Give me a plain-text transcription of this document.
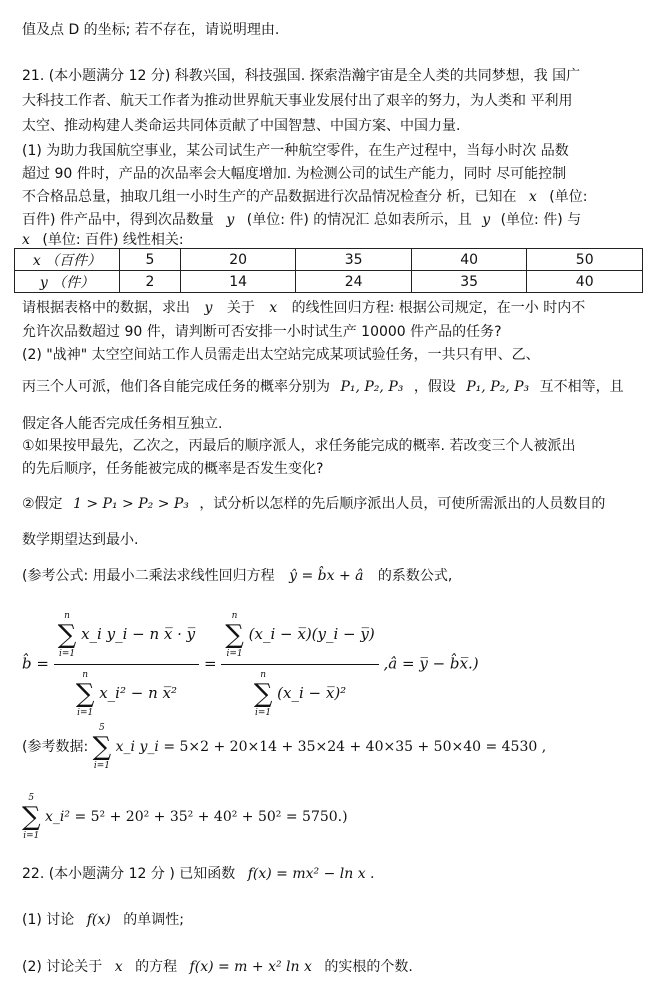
值及点 D 的坐标; 若不存在，请说明理由.
21. (本小题满分 12 分) 科教兴国，科技强国. 探索浩瀚宇宙是全人类的共同梦想，我 国广
大科技工作者、航天工作者为推动世界航天事业发展付出了艰辛的努力，为人类和 平利用
太空、推动构建人类命运共同体贡献了中国智慧、中国方案、中国力量.
(1) 为助力我国航空事业，某公司试生产一种航空零件，在生产过程中，当每小时次 品数
超过 90 件时，产品的次品率会大幅度增加. 为检测公司的试生产能力，同时 尽可能控制
不合格品总量，抽取几组一小时生产的产品数据进行次品情况检查分 析，已知在 x (单位:
百件) 件产品中，得到次品数量 y (单位: 件) 的情况汇 总如表所示，且 y (单位: 件) 与
x (单位: 百件) 线性相关:
x （百件）	5	20	35	40	50
y （件）	2	14	24	35	40
请根据表格中的数据，求出 y 关于 x 的线性回归方程: 根据公司规定，在一小 时内不
允许次品数超过 90 件，请判断可否安排一小时试生产 10000 件产品的任务?
(2) "战神" 太空空间站工作人员需走出太空站完成某项试验任务，一共只有甲、乙、
丙三个人可派，他们各自能完成任务的概率分别为 P₁, P₂, P₃ ，假设 P₁, P₂, P₃ 互不相等，且
假定各人能否完成任务相互独立.
①如果按甲最先，乙次之，丙最后的顺序派人，求任务能完成的概率. 若改变三个人被派出
的先后顺序，任务能被完成的概率是否发生变化?
②假定 1 > P₁ > P₂ > P₃ ，试分析以怎样的先后顺序派出人员，可使所需派出的人员数目的
数学期望达到最小.
(参考公式: 用最小二乘法求线性回归方程 ŷ = b̂x + â 的系数公式,
b̂ = n
∑
i=1
x_i y_i − n x̅ · y̅
n
∑
i=1
x_i² − n x̅² = n
∑
i=1
(x_i − x̅)(y_i − y̅)
n
∑
i=1
(x_i − x̅)² ,â = y̅ − b̂x̅.)
(参考数据:
5
∑
i=1
x_i y_i = 5×2 + 20×14 + 35×24 + 40×35 + 50×40 = 4530 ,
5
∑
i=1
x_i² = 5² + 20² + 35² + 40² + 50² = 5750.)
22. (本小题满分 12 分 ) 已知函数 f(x) = mx² − ln x .
(1) 讨论 f(x) 的单调性;
(2) 讨论关于 x 的方程 f(x) = m + x² ln x 的实根的个数.
